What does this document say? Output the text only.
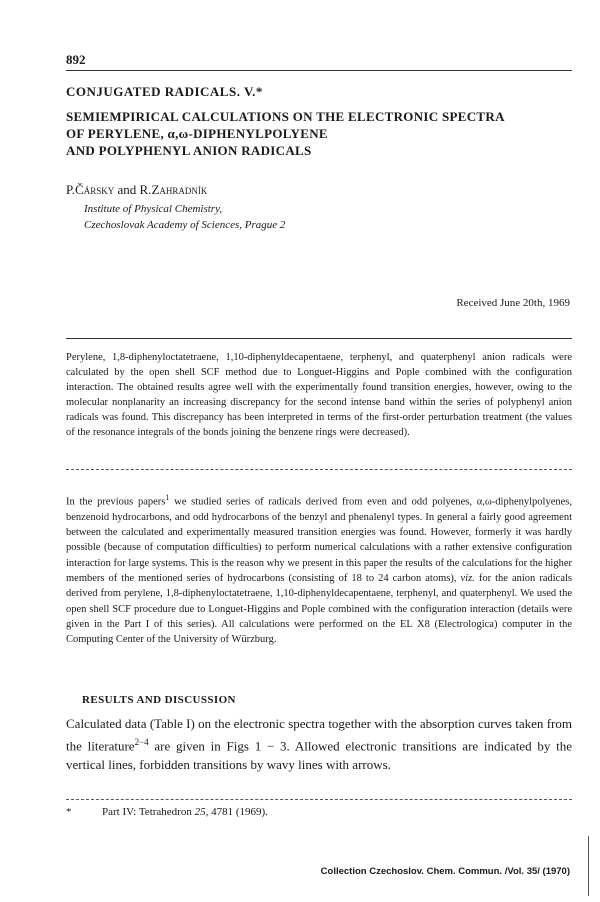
892
CONJUGATED RADICALS. V.*
SEMIEMPIRICAL CALCULATIONS ON THE ELECTRONIC SPECTRA
OF PERYLENE, α,ω-DIPHENYLPOLYENE
AND POLYPHENYL ANION RADICALS
P.Čársky and R.Zahradník
Institute of Physical Chemistry,
Czechoslovak Academy of Sciences, Prague 2
Received June 20th, 1969

Perylene, 1,8-diphenyloctatetraene, 1,10-diphenyldecapentaene, terphenyl, and quaterphenyl anion radicals were calculated by the open shell SCF method due to Longuet-Higgins and Pople combined with the configuration interaction. The obtained results agree well with the experimentally found transition energies, however, owing to the molecular nonplanarity an increasing discrepancy for the second intense band within the series of polyphenyl anion radicals was found. This discrepancy has been interpreted in terms of the first-order perturbation treatment (the values of the resonance integrals of the bonds joining the benzene rings were decreased).

In the previous papers$^1$ we studied series of radicals derived from even and odd polyenes, α,ω-diphenylpolyenes, benzenoid hydrocarbons, and odd hydrocarbons of the benzyl and phenalenyl types. In general a fairly good agreement between the calculated and experimentally measured transition energies was found. However, formerly it was hardly possible (because of computation difficulties) to perform numerical calculations with a rather extensive configuration interaction for large systems. This is the reason why we present in this paper the results of the calculations for the higher members of the mentioned series of hydrocarbons (consisting of 18 to 24 carbon atoms), viz. for the anion radicals derived from perylene, 1,8-diphenyloctatetraene, 1,10-diphenyldecapentaene, terphenyl, and quaterphenyl. We used the open shell SCF procedure due to Longuet-Higgins and Pople combined with the configuration interaction (details were given in the Part I of this series). All calculations were performed on the EL X8 (Electrologica) computer in the Computing Center of the University of Würzburg.

RESULTS AND DISCUSSION

Calculated data (Table I) on the electronic spectra together with the absorption curves taken from the literature$^{2-4}$ are given in Figs 1 − 3. Allowed electronic transitions are indicated by the vertical lines, forbidden transitions by wavy lines with arrows.

*	Part IV: Tetrahedron 25, 4781 (1969).
Collection Czechoslov. Chem. Commun. /Vol. 35/ (1970)
